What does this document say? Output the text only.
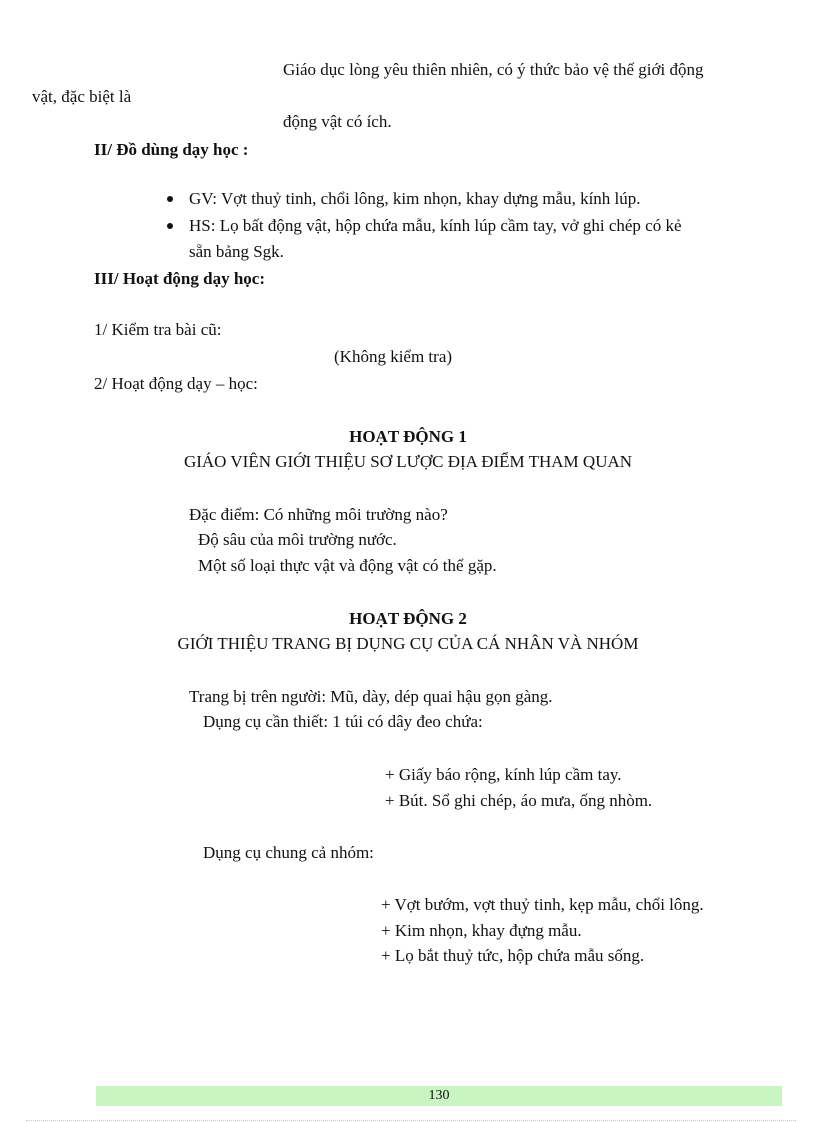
Giáo dục lòng yêu thiên nhiên, có ý thức bảo vệ thế giới động
vật, đặc biệt là
động vật có ích.
II/ Đồ dùng dạy học :
GV: Vợt thuỷ tinh, chổi lông, kim nhọn, khay dựng mẫu, kính lúp.
HS: Lọ bất động vật, hộp chứa mẫu, kính lúp cầm tay, vở ghi chép có kẻ
sẵn bảng Sgk.
III/ Hoạt động dạy học:
1/ Kiểm tra bài cũ:
(Không kiểm tra)
2/ Hoạt động dạy – học:
HOẠT ĐỘNG 1
GIÁO VIÊN GIỚI THIỆU SƠ LƯỢC ĐỊA ĐIỂM THAM QUAN
Đặc điểm: Có những môi trường nào?
Độ sâu của môi trường nước.
Một số loại thực vật và động vật có thể gặp.
HOẠT ĐỘNG 2
GIỚI THIỆU TRANG BỊ DỤNG CỤ CỦA CÁ NHÂN VÀ NHÓM
Trang bị trên người: Mũ, dày, dép quai hậu gọn gàng.
Dụng cụ cần thiết: 1 túi có dây đeo chứa:
+ Giấy báo rộng, kính lúp cầm tay.
+ Bút. Sổ ghi chép, áo mưa, ống nhòm.
Dụng cụ chung cả nhóm:
+ Vợt bướm, vợt thuỷ tinh, kẹp mẫu, chổi lông.
+ Kim nhọn, khay đựng mẫu.
+ Lọ bắt thuỷ tức, hộp chứa mẫu sống.
130
